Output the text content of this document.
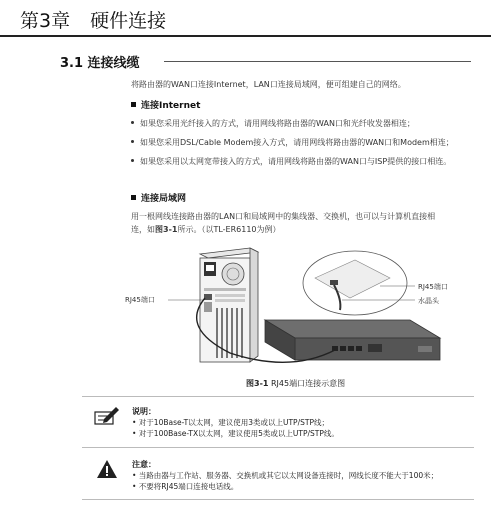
第3章 硬件连接
3.1 连接线缆
将路由器的WAN口连接Internet，LAN口连接局域网，便可组建自己的网络。
连接Internet
如果您采用光纤接入的方式，请用网线将路由器的WAN口和光纤收发器相连；
如果您采用DSL/Cable Modem接入方式，请用网线将路由器的WAN口和Modem相连；
如果您采用以太网宽带接入的方式，请用网线将路由器的WAN口与ISP提供的接口相连。
连接局域网
用一根网线连接路由器的LAN口和局域网中的集线器、交换机，也可以与计算机直接相
连，如图3-1所示。（以TL-ER6110为例）
RJ45端口
RJ45端口
水晶头
图3-1 RJ45端口连接示意图
说明：
• 对于10Base-T以太网，建议使用3类或以上UTP/STP线；
• 对于100Base-TX以太网，建议使用5类或以上UTP/STP线。
注意：
• 当路由器与工作站、服务器、交换机或其它以太网设备连接时，网线长度不能大于100米；
• 不要将RJ45端口连接电话线。
